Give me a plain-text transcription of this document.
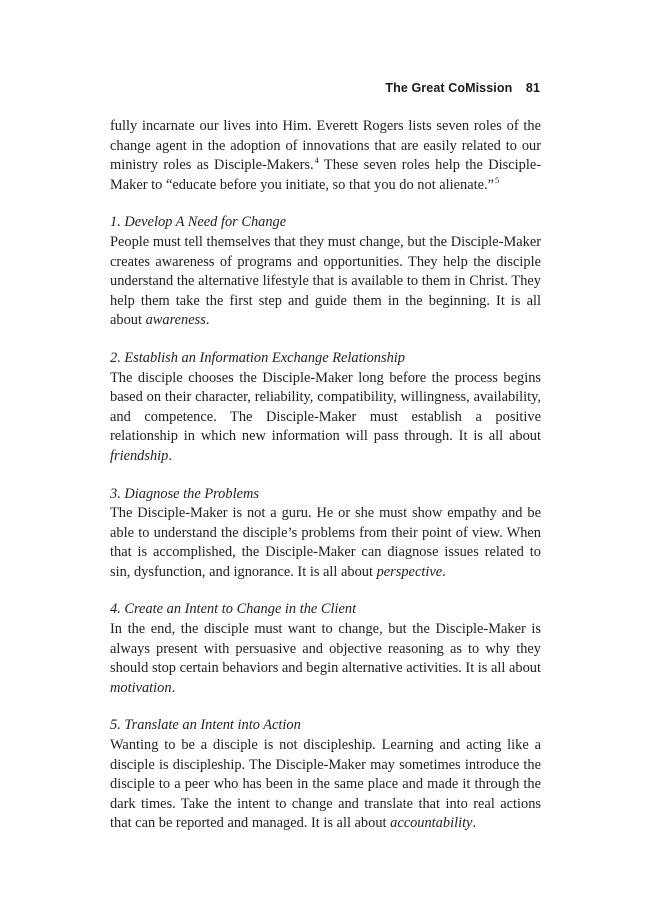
The Great CoMission 81

fully incarnate our lives into Him. Everett Rogers lists seven roles of the change agent in the adoption of innovations that are easily related to our ministry roles as Disciple-Makers.$^4$ These seven roles help the Disciple-Maker to “educate before you initiate, so that you do not alienate.”$^5$

1. Develop A Need for Change

People must tell themselves that they must change, but the Disciple-Maker creates awareness of programs and opportunities. They help the disciple understand the alternative lifestyle that is available to them in Christ. They help them take the first step and guide them in the beginning. It is all about awareness.

2. Establish an Information Exchange Relationship

The disciple chooses the Disciple-Maker long before the process begins based on their character, reliability, compatibility, willingness, availability, and competence. The Disciple-Maker must establish a positive relationship in which new information will pass through. It is all about friendship.

3. Diagnose the Problems

The Disciple-Maker is not a guru. He or she must show empathy and be able to understand the disciple’s problems from their point of view. When that is accomplished, the Disciple-Maker can diagnose issues related to sin, dysfunction, and ignorance. It is all about perspective.

4. Create an Intent to Change in the Client

In the end, the disciple must want to change, but the Disciple-Maker is always present with persuasive and objective reasoning as to why they should stop certain behaviors and begin alternative activities. It is all about motivation.

5. Translate an Intent into Action

Wanting to be a disciple is not discipleship. Learning and acting like a disciple is discipleship. The Disciple-Maker may sometimes introduce the disciple to a peer who has been in the same place and made it through the dark times. Take the intent to change and translate that into real actions that can be reported and managed. It is all about accountability.
